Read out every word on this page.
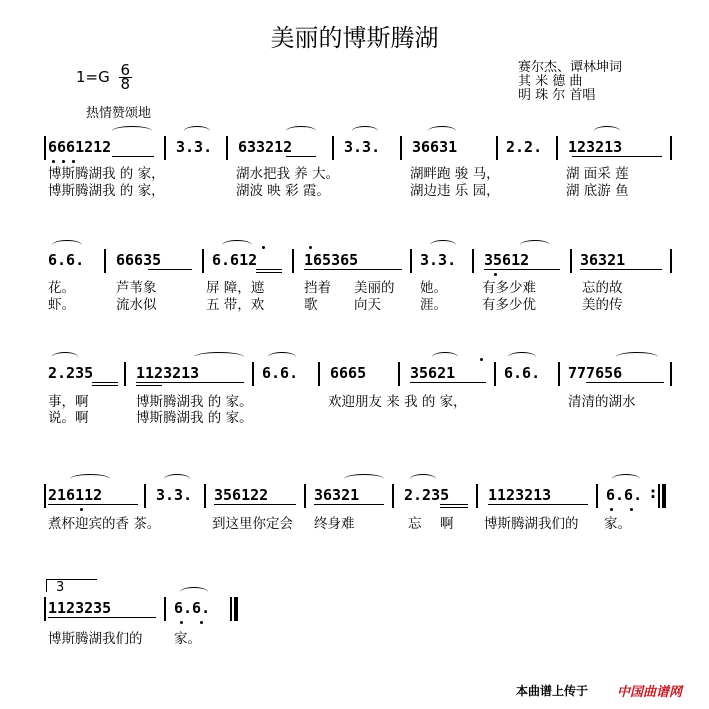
美丽的博斯腾湖
$1=G \frac{6}{8}$
热情赞颂地
赛尔杰、谭林坤词
其 米 德 曲
明 珠 尔 首唱
6661212	3.3. 633212	3.3. 36631	2.2. 123213
博斯腾湖我 的 家，	湖水把我 养 大。	湖畔跑 骏 马，	湖 面采 莲
博斯腾湖我 的 家，	湖波 映 彩 霞。	湖边违 乐 园，	湖 底游 鱼
6.6. 66635	6.612	165365	3.3. 35612	36321
花。	芦苇象	屏 障，遮	挡着 美丽的 她。	有多少难	忘的故
虾。	流水似	五 带，欢	歌	向天	涯。	有多少优	美的传
2.235	1123213	6.6. 6665	35621	6.6. 777656
事，啊	博斯腾湖我 的 家。	欢迎朋友 来 我 的 家，	清清的湖水
说。啊	博斯腾湖我 的 家。
216112	3.3. 356122	36321	2.235	1123213	6.6. :
煮杯迎宾的香 茶。	到这里你定会 终身难	忘 啊 博斯腾湖我们的 家。
3
1123235	6.6.
博斯腾湖我们的 家。
本曲谱上传于 中国曲谱网
